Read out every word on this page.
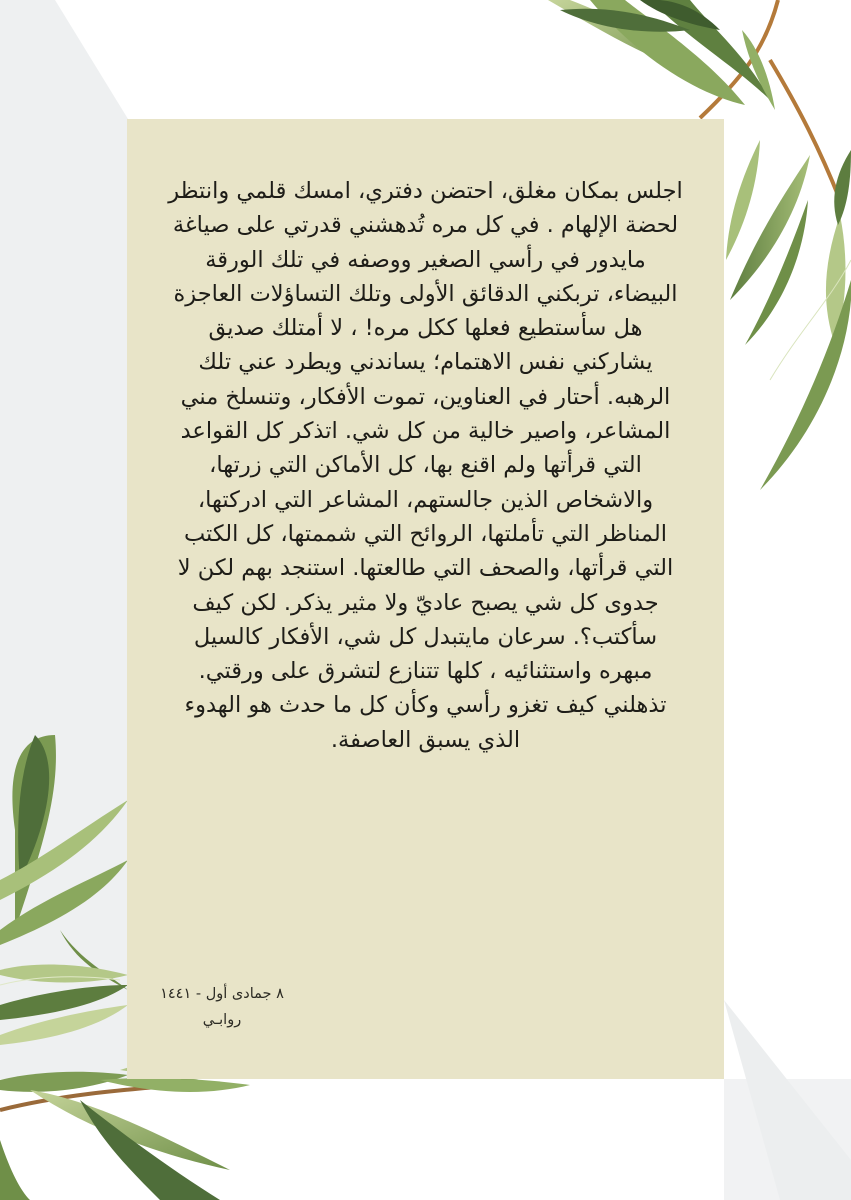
اجلس بمكان مغلق، احتضن دفتري، امسك قلمي وانتظر لحضة الإلهام . في كل مره تُدهشني قدرتي على صياغة مايدور في رأسي الصغير ووصفه في تلك الورقة البيضاء، تربكني الدقائق الأولى وتلك التساؤلات العاجزة هل سأستطيع فعلها ككل مره! ، لا أمتلك صديق يشاركني نفس الاهتمام؛ يساندني ويطرد عني تلك الرهبه. أحتار في العناوين، تموت الأفكار، وتنسلخ مني المشاعر، واصير خالية من كل شي. اتذكر كل القواعد التي قرأتها ولم اقنع بها، كل الأماكن التي زرتها، والاشخاص الذين جالستهم، المشاعر التي ادركتها، المناظر التي تأملتها، الروائح التي شممتها، كل الكتب التي قرأتها، والصحف التي طالعتها. استنجد بهم لكن لا جدوى كل شي يصبح عاديّ ولا مثير يذكر. لكن كيف سأكتب؟. سرعان مايتبدل كل شي، الأفكار كالسيل مبهره واستثنائيه ، كلها تتنازع لتشرق على ورقتي. تذهلني كيف تغزو رأسي وكأن كل ما حدث هو الهدوء الذي يسبق العاصفة.

٨ جمادى أول - ١٤٤١
روابـي
